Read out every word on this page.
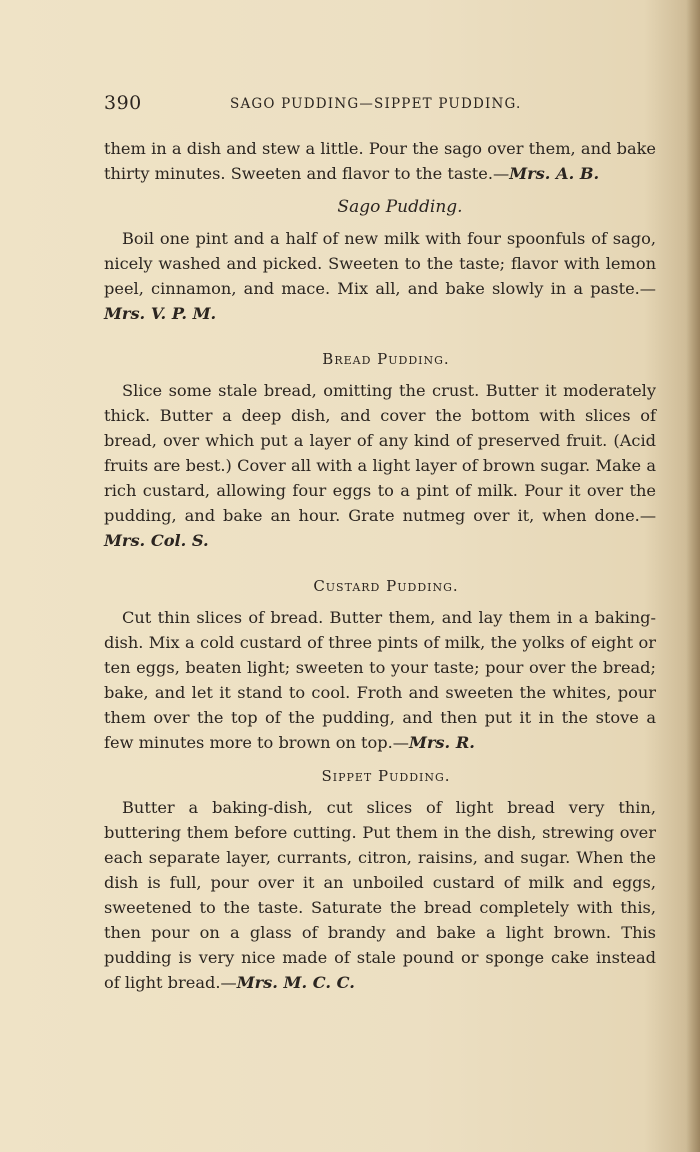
390	SAGO PUDDING—SIPPET PUDDING.

them in a dish and stew a little. Pour the sago over them, and bake thirty minutes. Sweeten and flavor to the taste.—Mrs. A. B.

Sago Pudding.

Boil one pint and a half of new milk with four spoonfuls of sago, nicely washed and picked. Sweeten to the taste; flavor with lemon peel, cinnamon, and mace. Mix all, and bake slowly in a paste.—Mrs. V. P. M.

Bread Pudding.

Slice some stale bread, omitting the crust. Butter it moderately thick. Butter a deep dish, and cover the bottom with slices of bread, over which put a layer of any kind of preserved fruit. (Acid fruits are best.) Cover all with a light layer of brown sugar. Make a rich custard, allowing four eggs to a pint of milk. Pour it over the pudding, and bake an hour. Grate nutmeg over it, when done.—Mrs. Col. S.

Custard Pudding.

Cut thin slices of bread. Butter them, and lay them in a baking-dish. Mix a cold custard of three pints of milk, the yolks of eight or ten eggs, beaten light; sweeten to your taste; pour over the bread; bake, and let it stand to cool. Froth and sweeten the whites, pour them over the top of the pudding, and then put it in the stove a few minutes more to brown on top.—Mrs. R.

Sippet Pudding.

Butter a baking-dish, cut slices of light bread very thin, buttering them before cutting. Put them in the dish, strewing over each separate layer, currants, citron, raisins, and sugar. When the dish is full, pour over it an unboiled custard of milk and eggs, sweetened to the taste. Saturate the bread completely with this, then pour on a glass of brandy and bake a light brown. This pudding is very nice made of stale pound or sponge cake instead of light bread.—Mrs. M. C. C.
